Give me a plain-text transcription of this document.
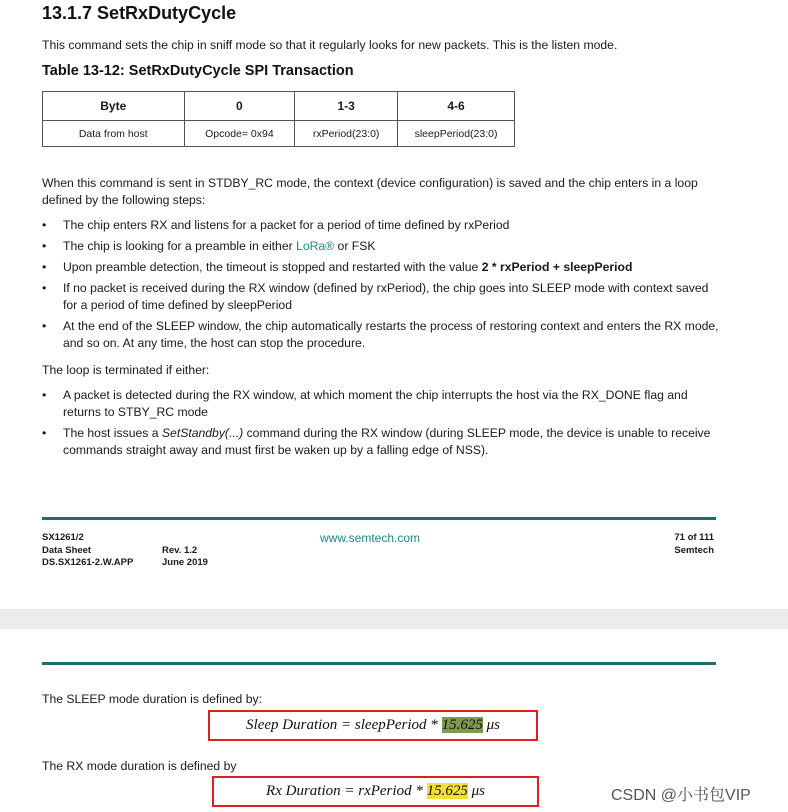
13.1.7 SetRxDutyCycle

This command sets the chip in sniff mode so that it regularly looks for new packets. This is the listen mode.

Table 13-12: SetRxDutyCycle SPI Transaction
Byte	0	1-3	4-6
Data from host	Opcode= 0x94	rxPeriod(23:0)	sleepPeriod(23:0)

When this command is sent in STDBY_RC mode, the context (device configuration) is saved and the chip enters in a loop

defined by the following steps:

• The chip enters RX and listens for a packet for a period of time defined by rxPeriod
• The chip is looking for a preamble in either LoRa® or FSK
• Upon preamble detection, the timeout is stopped and restarted with the value 2 * rxPeriod + sleepPeriod
• If no packet is received during the RX window (defined by rxPeriod), the chip goes into SLEEP mode with context saved for a period of time defined by sleepPeriod
• At the end of the SLEEP window, the chip automatically restarts the process of restoring context and enters the RX mode, and so on. At any time, the host can stop the procedure.

The loop is terminated if either:

• A packet is detected during the RX window, at which moment the chip interrupts the host via the RX_DONE flag and returns to STBY_RC mode
• The host issues a SetStandby(...) command during the RX window (during SLEEP mode, the device is unable to receive commands straight away and must first be waken up by a falling edge of NSS).
SX1261/2
Data Sheet
DS.SX1261-2.W.APP
Rev. 1.2
June 2019
www.semtech.com	71 of 111
Semtech

The SLEEP mode duration is defined by:

Sleep Duration = sleepPeriod * 15.625 μs

The RX mode duration is defined by

Rx Duration = rxPeriod * 15.625 μs	CSDN @小书包VIP
